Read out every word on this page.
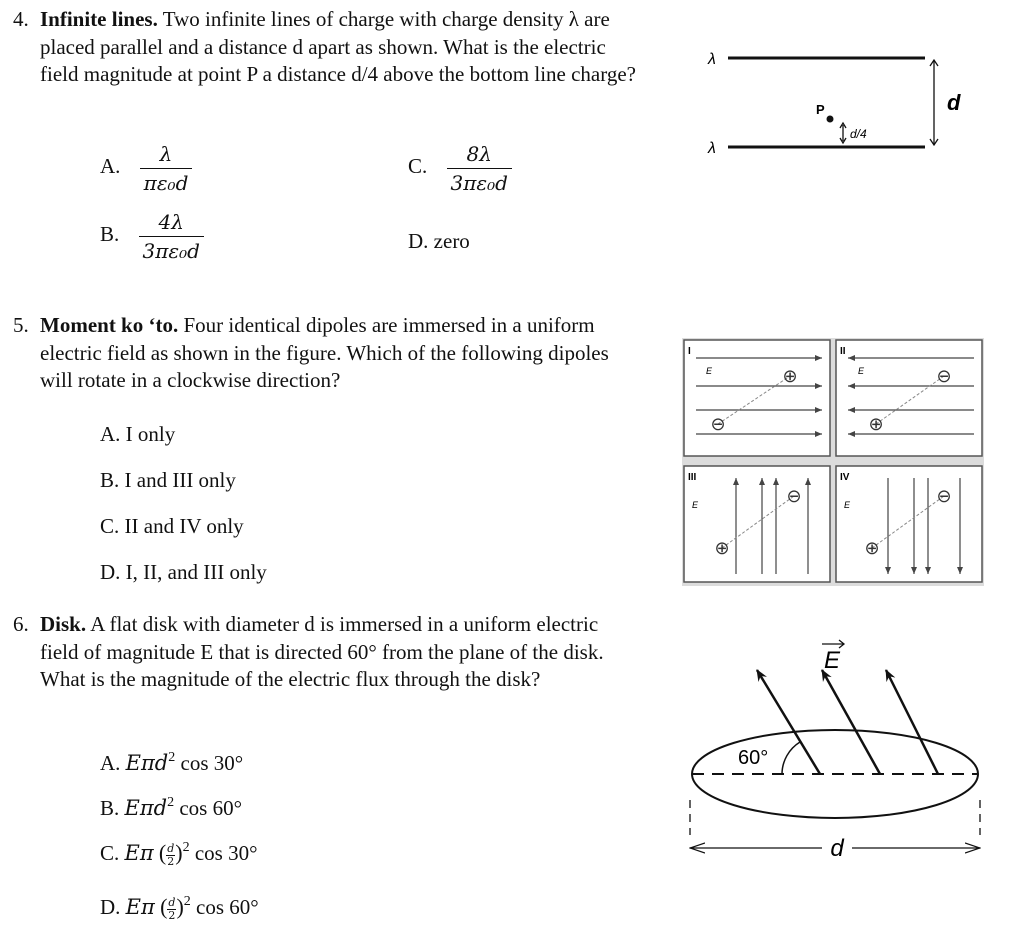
4. Infinite lines. Two infinite lines of charge with charge density λ are placed parallel and a distance d apart as shown. What is the electric field magnitude at point P a distance d/4 above the bottom line charge?
A. $\frac{\lambda}{\text{πε₀d}}$
B. $\frac{4\lambda}{\text{3πε₀d}}$
C. $\frac{8\lambda}{\text{3πε₀d}}$
D. zero
λ
λ
P
d/4
d
5. Moment ko ‘to. Four identical dipoles are immersed in a uniform electric field as shown in the figure. Which of the following dipoles will rotate in a clockwise direction?
A. I only
B. I and III only
C. II and IV only
D. I, II, and III only
I
E	⊕
⊖
II
E	⊖
⊕
III
E	⊖
⊕
IV
E	⊖
⊕
6. Disk. A flat disk with diameter d is immersed in a uniform electric field of magnitude E that is directed 60° from the plane of the disk. What is the magnitude of the electric flux through the disk?
A. Eπd$^2$ cos 30°
B. Eπd$^2$ cos 60°
C. Eπ ( $\frac{d}{2} )^2$ cos 30°
D. Eπ ( $\frac{d}{2} )^2$ cos 60°
E
60°
d
